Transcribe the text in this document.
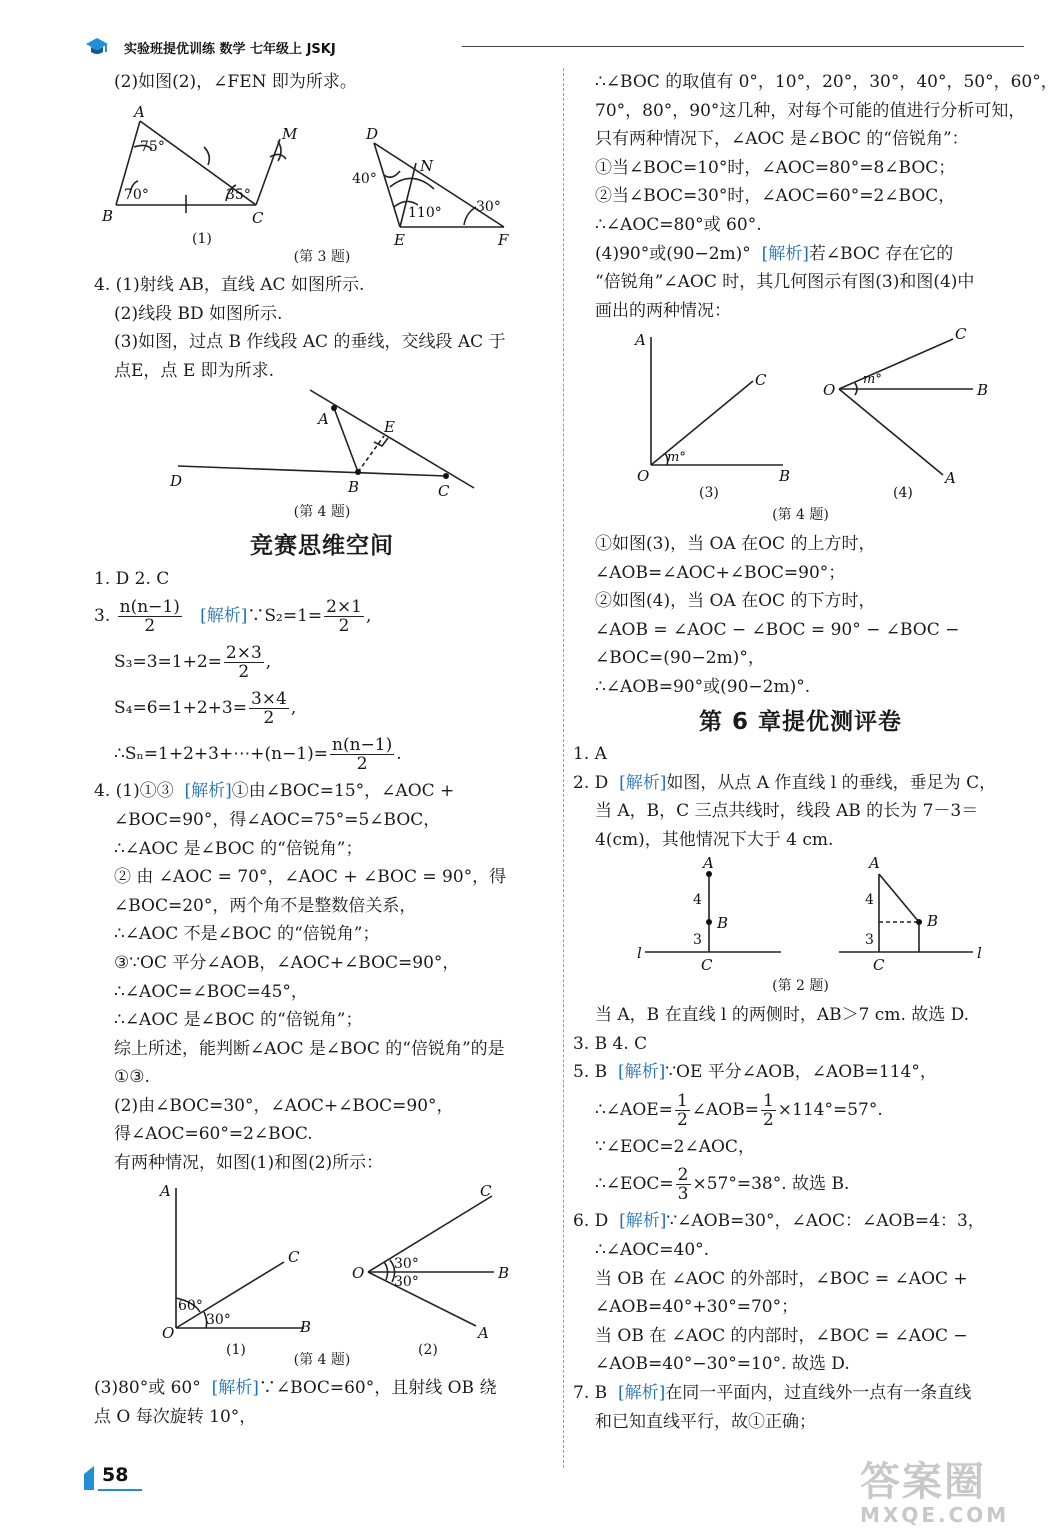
实验班提优训练 数学 七年级上 JSKJ
(2)如图(2)，∠FEN 即为所求。
A
B	C
M	D
N
E	F
75°
70°	35°
(1)
40°
110° 30°
(第 3 题)
4. (1)射线 AB，直线 AC 如图所示.
(2)线段 BD 如图所示.
(3)如图，过点 B 作线段 AC 的垂线，交线段 AC 于
点E，点 E 即为所求.
A	E
D	B	C
(第 4 题)
竞赛思维空间
1. D 2. C
3. $\frac{n(n-1)}{2}$ [解析]∵S₂=1= $\frac{2\times 1}{2}$ ,
$S_3=3=1+2= \frac{2\times 3}{2}$ ,
$S_4=6=1+2+3= \frac{3\times 4}{2}$ ,
∴Sₙ=1+2+3+⋯+(n−1)= $\frac{n(n-1)}{2}$ .
4. (1)①③ [解析]①由∠BOC=15°，∠AOC +
∠BOC=90°，得∠AOC=75°=5∠BOC，
∴∠AOC 是∠BOC 的“倍锐角”；
② 由 ∠AOC = 70°，∠AOC + ∠BOC = 90°，得
∠BOC=20°，两个角不是整数倍关系，
∴∠AOC 不是∠BOC 的“倍锐角”；
③∵OC 平分∠AOB，∠AOC+∠BOC=90°，
∴∠AOC=∠BOC=45°，
∴∠AOC 是∠BOC 的“倍锐角”；
综上所述，能判断∠AOC 是∠BOC 的“倍锐角”的是
①③.
(2)由∠BOC=30°，∠AOC+∠BOC=90°，
得∠AOC=60°=2∠BOC.
有两种情况，如图(1)和图(2)所示：
A
C
O	B
C
O	B
A
60°
30°
(1)
30°
30°
(第 4 题)
(2)
(3)80°或 60° [解析]∵∠BOC=60°，且射线 OB 绕
点 O 每次旋转 10°，
∴∠BOC 的取值有 0°，10°，20°，30°，40°，50°，60°，
70°，80°，90°这几种，对每个可能的值进行分析可知，
只有两种情况下，∠AOC 是∠BOC 的“倍锐角”：
①当∠BOC=10°时，∠AOC=80°=8∠BOC；
②当∠BOC=30°时，∠AOC=60°=2∠BOC，
∴∠AOC=80°或 60°.
(4)90°或(90−2m)° [解析]若∠BOC 存在它的
“倍锐角”∠AOC 时，其几何图示有图(3)和图(4)中
画出的两种情况：
A
C
O	B
m°
C
O	B
A
m°
(3)	(4)
(第 4 题)
①如图(3)，当 OA 在OC 的上方时，
∠AOB=∠AOC+∠BOC=90°；
②如图(4)，当 OA 在OC 的下方时，
∠AOB = ∠AOC − ∠BOC = 90° − ∠BOC −
∠BOC=(90−2m)°，
∴∠AOB=90°或(90−2m)°.
第 6 章提优测评卷
1. A
2. D [解析]如图，从点 A 作直线 l 的垂线，垂足为 C，
当 A，B，C 三点共线时，线段 AB 的长为 7－3＝
4(cm)，其他情况下大于 4 cm.
A
B
C
l
A
B
C
l
4
3
4
3
(第 2 题)
当 A，B 在直线 l 的两侧时，AB＞7 cm. 故选 D.
3. B 4. C
5. B [解析]∵OE 平分∠AOB，∠AOB=114°，
∴∠AOE= $\frac{1}{2}$ ∠AOB= $\frac{1}{2} \times 114^\circ=57^\circ$.
∵∠EOC=2∠AOC，
∴∠EOC= $\frac{2}{3} \times 57^\circ=38^\circ$. 故选 B.
6. D [解析]∵∠AOB=30°，∠AOC：∠AOB=4：3，
∴∠AOC=40°.
当 OB 在 ∠AOC 的外部时，∠BOC = ∠AOC +
∠AOB=40°+30°=70°；
当 OB 在 ∠AOC 的内部时，∠BOC = ∠AOC −
∠AOB=40°−30°=10°. 故选 D.
7. B [解析]在同一平面内，过直线外一点有一条直线
和已知直线平行，故①正确；
58	答案圈
MXQE.COM
